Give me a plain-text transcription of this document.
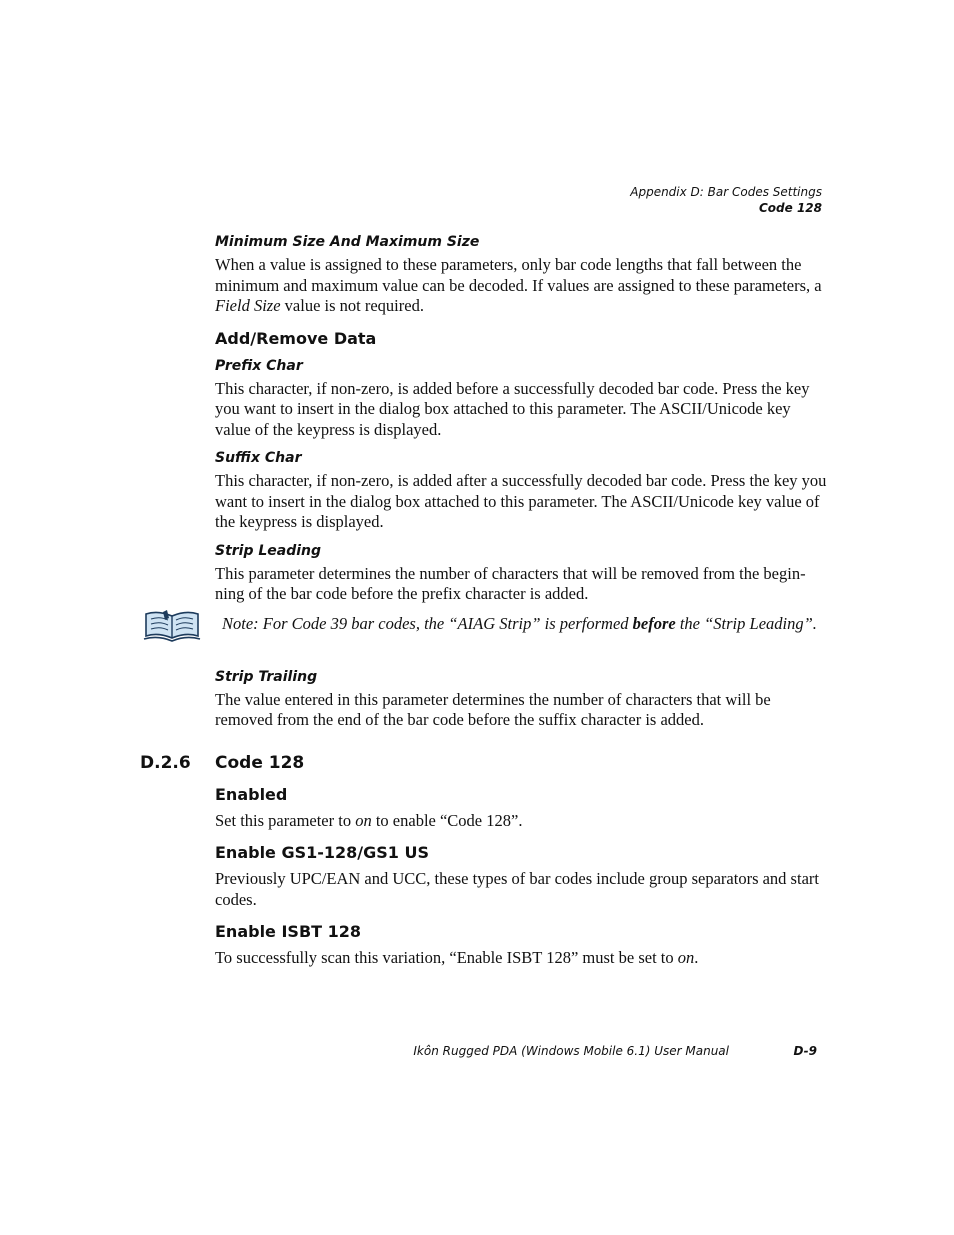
Appendix D: Bar Codes Settings
Code 128
Minimum Size And Maximum Size

When a value is assigned to these parameters, only bar code lengths that fall between the minimum and maximum value can be decoded. If values are assigned to these parameters, a Field Size value is not required.

Add/Remove Data
Prefix Char

This character, if non-zero, is added before a successfully decoded bar code. Press the key you want to insert in the dialog box attached to this parameter. The ASCII/Unicode key value of the keypress is displayed.

Suffix Char

This character, if non-zero, is added after a successfully decoded bar code. Press the key you want to insert in the dialog box attached to this parameter. The ASCII/Unicode key value of the keypress is displayed.

Strip Leading

This parameter determines the number of characters that will be removed from the begin-ning of the bar code before the prefix character is added.

Note: For Code 39 bar codes, the “AIAG Strip” is performed before the “Strip Leading”.
Strip Trailing

The value entered in this parameter determines the number of characters that will be removed from the end of the bar code before the suffix character is added.

D.2.6 Code 128
Enabled

Set this parameter to on to enable “Code 128”.

Enable GS1-128/GS1 US

Previously UPC/EAN and UCC, these types of bar codes include group separators and start codes.

Enable ISBT 128

To successfully scan this variation, “Enable ISBT 128” must be set to on.

Ikôn Rugged PDA (Windows Mobile 6.1) User Manual	D-9
